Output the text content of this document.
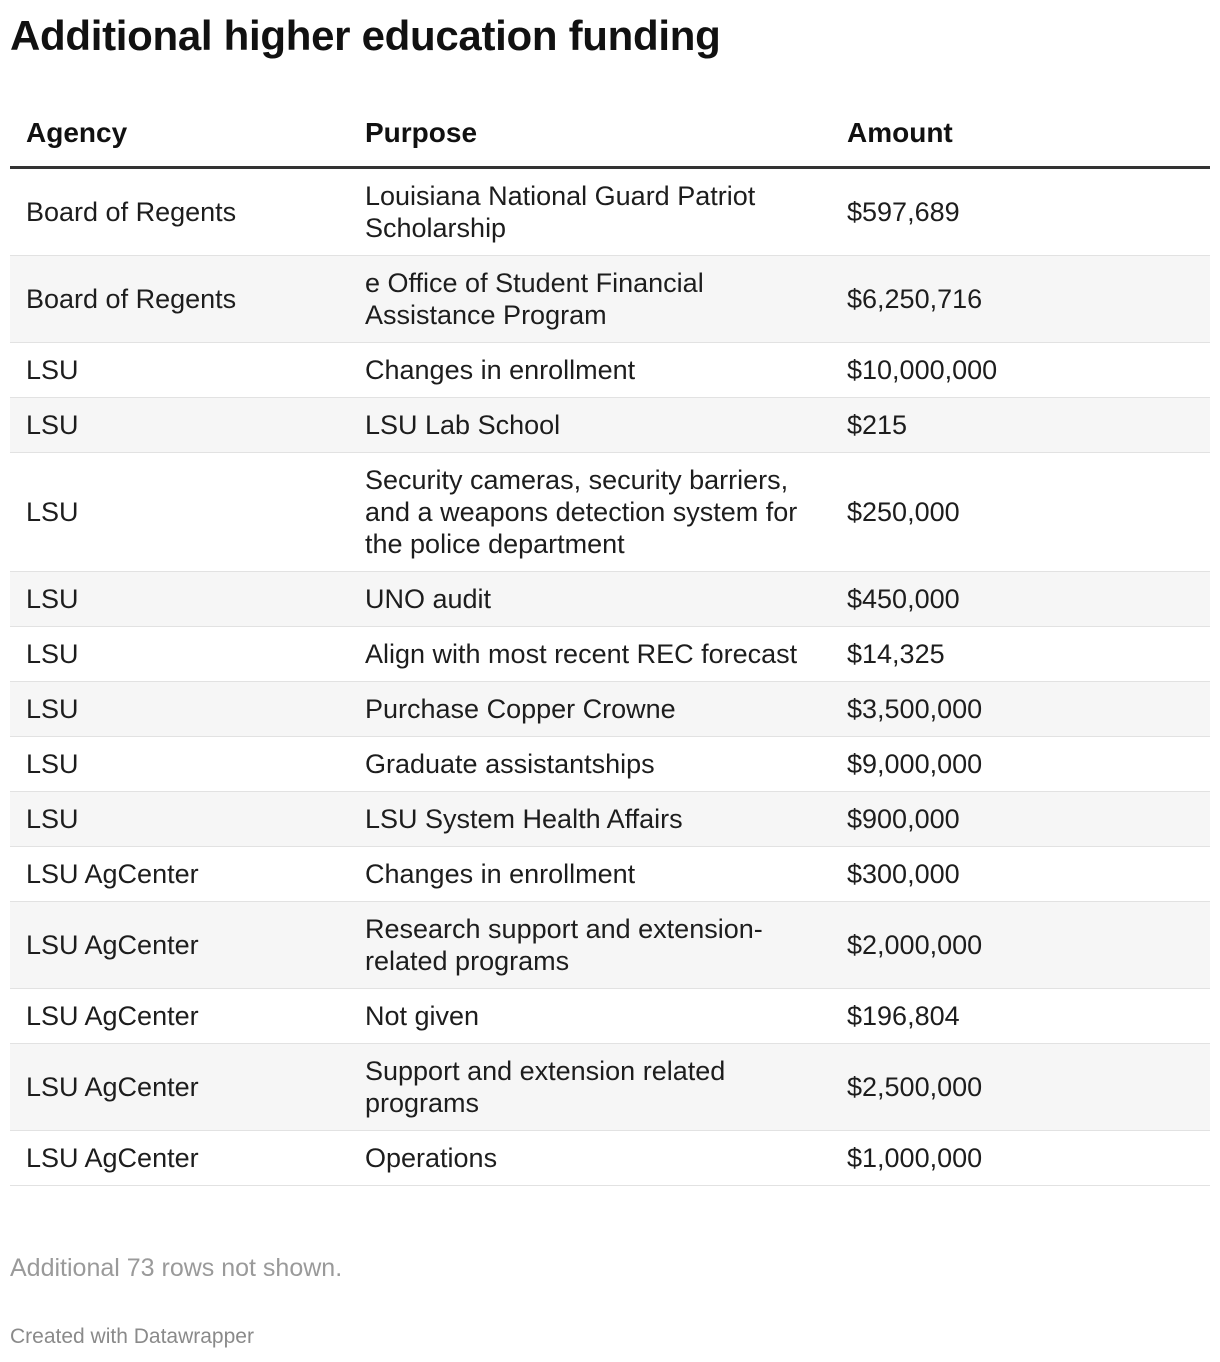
Additional higher education funding
Agency	Purpose	Amount
Board of Regents	Louisiana National Guard Patriot Scholarship	$597,689
Board of Regents	e Office of Student Financial Assistance Program	$6,250,716
LSU	Changes in enrollment	$10,000,000
LSU	LSU Lab School	$215
LSU	Security cameras, security barriers, and a weapons detection system for the police department	$250,000
LSU	UNO audit	$450,000
LSU	Align with most recent REC forecast	$14,325
LSU	Purchase Copper Crowne	$3,500,000
LSU	Graduate assistantships	$9,000,000
LSU	LSU System Health Affairs	$900,000
LSU AgCenter	Changes in enrollment	$300,000
LSU AgCenter	Research support and extension-related programs	$2,000,000
LSU AgCenter	Not given	$196,804
LSU AgCenter	Support and extension related programs	$2,500,000
LSU AgCenter	Operations	$1,000,000
Additional 73 rows not shown.
Created with Datawrapper
